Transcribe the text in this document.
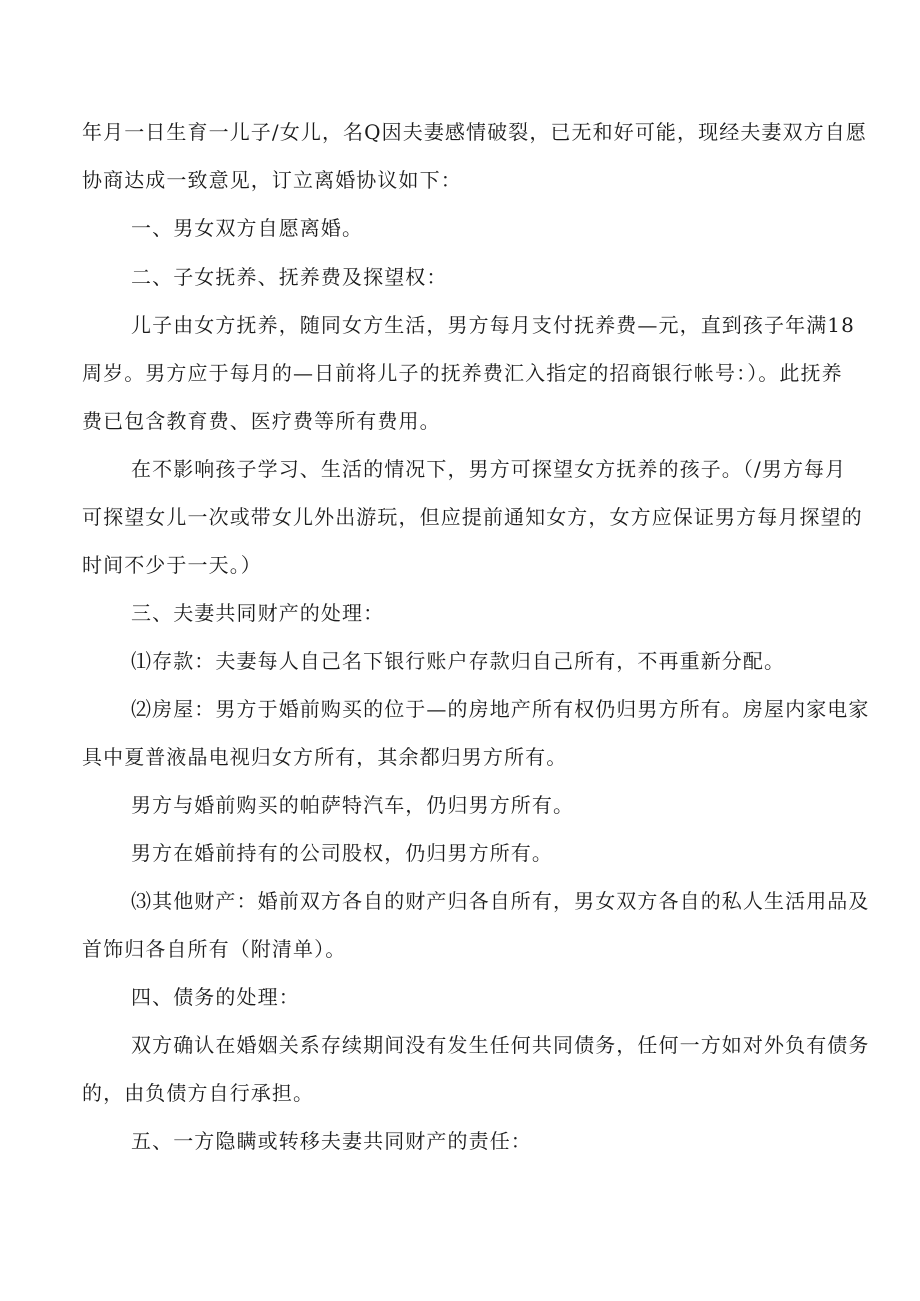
年月一日生育一儿子/女儿，名Q因夫妻感情破裂，已无和好可能，现经夫妻双方自愿
协商达成一致意见，订立离婚协议如下：
一、男女双方自愿离婚。
二、子女抚养、抚养费及探望权：
儿子由女方抚养，随同女方生活，男方每月支付抚养费—元，直到孩子年满18
周岁。男方应于每月的—日前将儿子的抚养费汇入指定的招商银行帐号：）。此抚养
费已包含教育费、医疗费等所有费用。
在不影响孩子学习、生活的情况下，男方可探望女方抚养的孩子。（/男方每月
可探望女儿一次或带女儿外出游玩，但应提前通知女方，女方应保证男方每月探望的
时间不少于一天。）
三、夫妻共同财产的处理：
⑴存款：夫妻每人自己名下银行账户存款归自己所有，不再重新分配。
⑵房屋：男方于婚前购买的位于—的房地产所有权仍归男方所有。房屋内家电家
具中夏普液晶电视归女方所有，其余都归男方所有。
男方与婚前购买的帕萨特汽车，仍归男方所有。
男方在婚前持有的公司股权，仍归男方所有。
⑶其他财产：婚前双方各自的财产归各自所有，男女双方各自的私人生活用品及
首饰归各自所有（附清单）。
四、债务的处理：
双方确认在婚姻关系存续期间没有发生任何共同债务，任何一方如对外负有债务
的，由负债方自行承担。
五、一方隐瞒或转移夫妻共同财产的责任：
